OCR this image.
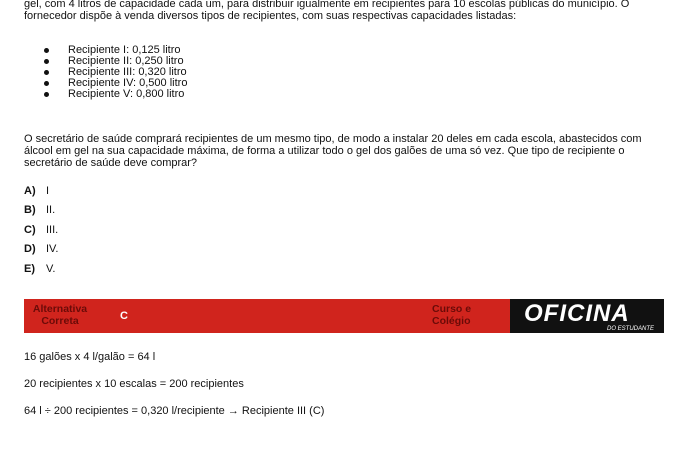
gel, com 4 litros de capacidade cada um, para distribuir igualmente em recipientes para 10 escolas públicas do município. O fornecedor dispõe à venda diversos tipos de recipientes, com suas respectivas capacidades listadas:

Recipiente I: 0,125 litro
Recipiente II: 0,250 litro
Recipiente III: 0,320 litro
Recipiente IV: 0,500 litro
Recipiente V: 0,800 litro

O secretário de saúde comprará recipientes de um mesmo tipo, de modo a instalar 20 deles em cada escola, abastecidos com álcool em gel na sua capacidade máxima, de forma a utilizar todo o gel dos galões de uma só vez. Que tipo de recipiente o secretário de saúde deve comprar?

A) I
B) II.
C) III.
D) IV.
E)	V.
Alternativa
Correta	C
Curso e
Colégio OFICINA
DO ESTUDANTE

16 galões x 4 l/galão = 64 l

20 recipientes x 10 escalas = 200 recipientes

64 l ÷ 200 recipientes = 0,320 l/recipiente → Recipiente III (C)
